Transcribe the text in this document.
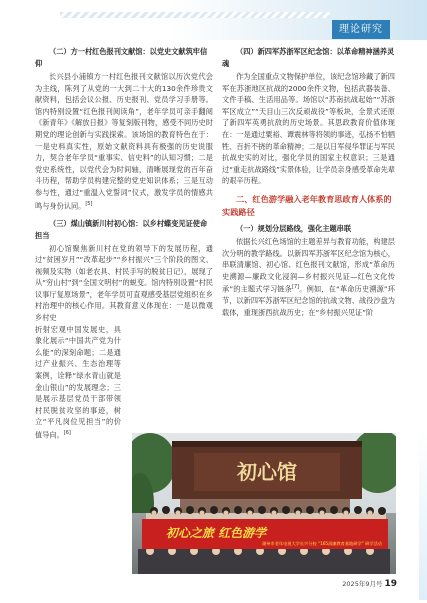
理论研究

（二）方一村红色报刊文献馆：以党史文献筑牢信仰

长兴县小浦镇方一村红色报刊文献馆以历次党代会为主线，陈列了从党的一大到二十大的130余件珍贵文献资料，包括会议公报、历史报刊、党员学习手册等。馆内特别设置“红色报刊阅读角”，老年学员可亲手翻阅《新青年》《解放日报》等复刻版刊物，感受不同历史时期党的理论创新与实践探索。该场馆的教育特色在于：一是史料真实性，原始文献资料具有极强的历史说服力，契合老年学员“重事实、信史料”的认知习惯；二是党史系统性，以党代会为时间轴，清晰展现党的百年奋斗历程，帮助学员构建完整的党史知识体系；三是互动参与性，通过“重温入党誓词”仪式，激发学员的情感共鸣与身份认同。[5]

（三）煤山镇新川村初心馆：以乡村蝶变见证使命担当

初心馆聚焦新川村在党的领导下的发展历程，通过“贫困岁月”“改革起步”“乡村振兴”三个阶段的图文、视频及实物（如老农具、村民手写的脱贫日记），展现了从“穷山村”到“全国文明村”的蜕变。馆内特别设置“村民议事厅复原场景”，老年学员可直观感受基层党组织在乡村治理中的核心作用。其教育意义体现在：一是以微观乡村史

折射宏观中国发展史，具象化展示“中国共产党为什么能”的深刻命题；二是通过产业振兴、生态治理等案例，诠释“绿水青山就是金山银山”的发展理念；三是展示基层党员干部带领村民脱贫攻坚的事迹，树立“平凡岗位见担当”的价值导向。[6]

（四）新四军苏浙军区纪念馆：以革命精神涵养灵魂

作为全国重点文物保护单位，该纪念馆珍藏了新四军在苏浙地区抗战的2000余件文物，包括武器装备、文件手稿、生活用品等。场馆以“苏南抗战起始”“苏浙军区成立”“天目山三次反顽战役”等板块，全景式还原了新四军英勇抗敌的历史场景。其思政教育价值体现在：一是通过粟裕、谭震林等将领的事迹，弘扬不怕牺牲、百折不挠的革命精神；二是以日军侵华罪证与军民抗战史实的对比，强化学员的国家主权意识；三是通过“重走抗战路线”实景体验，让学员亲身感受革命先辈的艰辛历程。

二、红色游学融入老年教育思政育人体系的实践路径

（一）规划分层路线，强化主题串联

依据长兴红色场馆的主题差异与教育功能，构建层次分明的教学路线。以新四军苏浙军区纪念馆为核心，串联清廉馆、初心馆、红色报刊文献馆，形成“革命历史溯源—廉政文化浸润—乡村振兴见证—红色文化传承”的主题式学习链条[7]。例如，在“革命历史溯源”环节，以新四军苏浙军区纪念馆的抗战文物、战役沙盘为载体，重现浙西抗战历史；在“乡村振兴见证”阶

初心馆
初心之旅 红色游学
湖州市老年电视大学长兴分校 “165清廉教育基地研学” 研学活动
2025年9月号 19
